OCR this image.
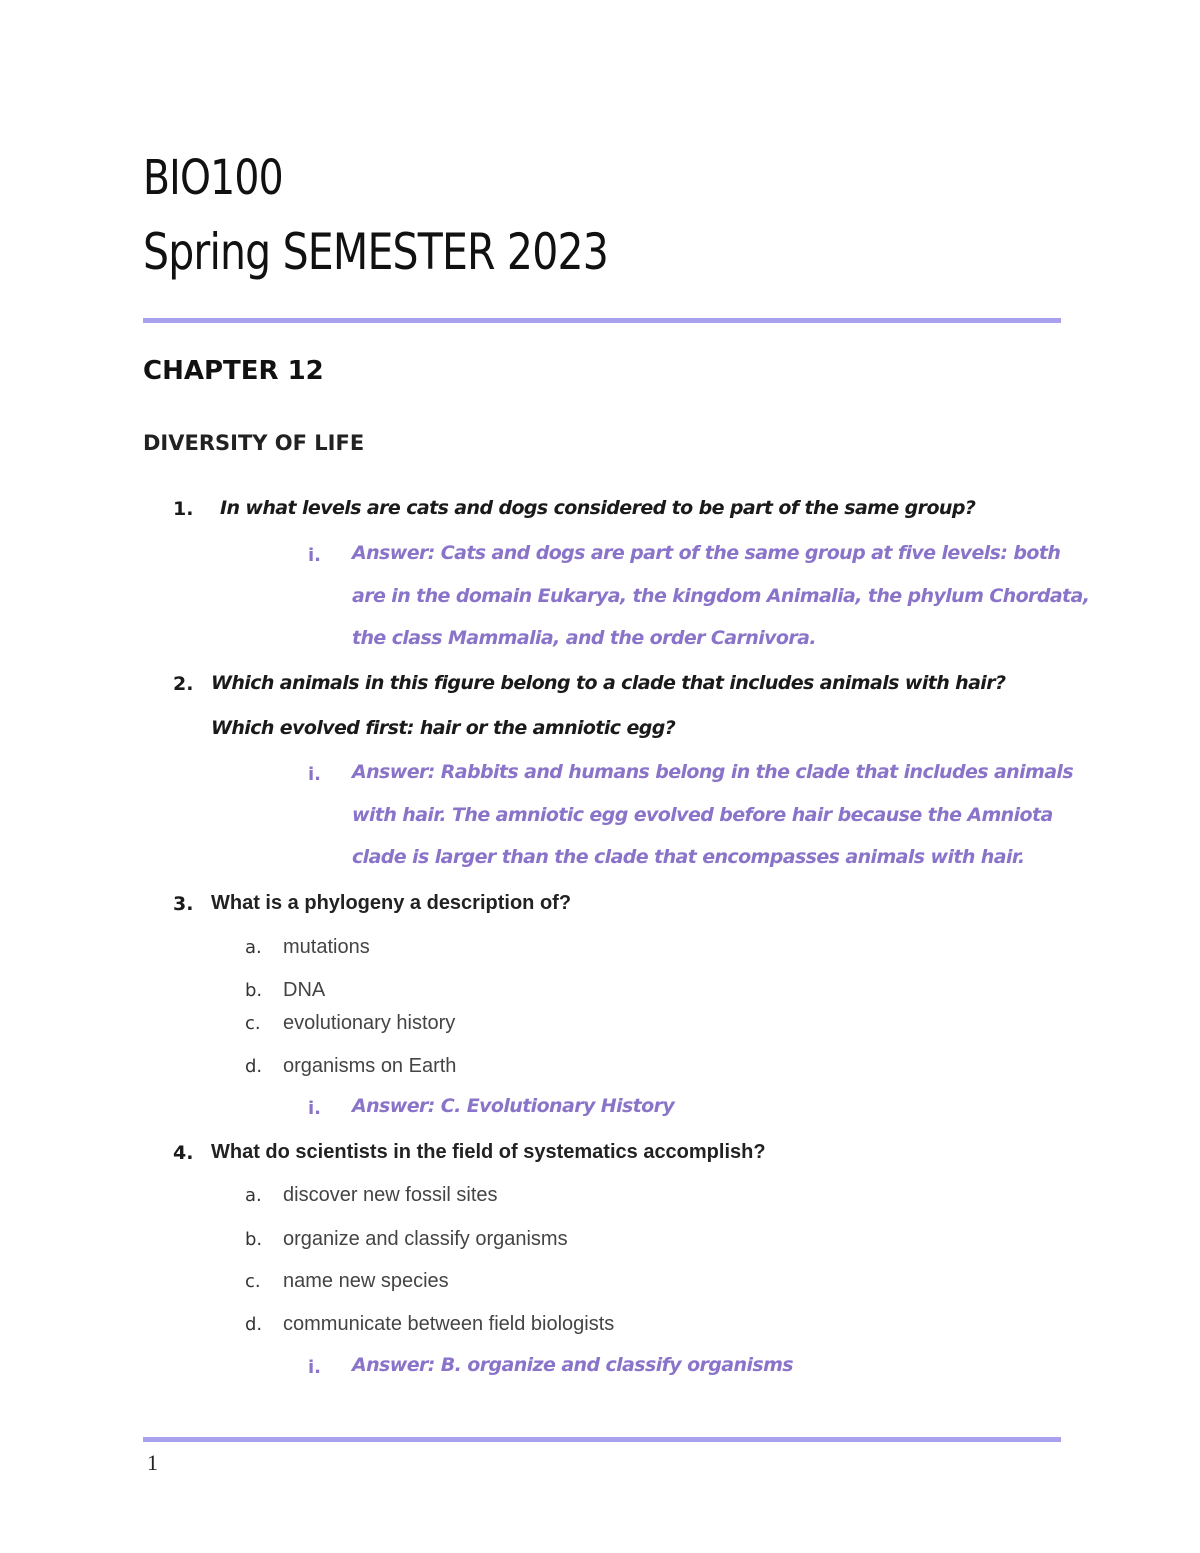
BIO100
Spring SEMESTER 2023
CHAPTER 12
DIVERSITY OF LIFE
1. In what levels are cats and dogs considered to be part of the same group?

i. Answer: Cats and dogs are part of the same group at five levels: both

are in the domain Eukarya, the kingdom Animalia, the phylum Chordata,

the class Mammalia, and the order Carnivora.

2. Which animals in this figure belong to a clade that includes animals with hair?

Which evolved first: hair or the amniotic egg?

i. Answer: Rabbits and humans belong in the clade that includes animals

with hair. The amniotic egg evolved before hair because the Amniota

clade is larger than the clade that encompasses animals with hair.

3. What is a phylogeny a description of?

a. mutations

b. DNA

c. evolutionary history

d. organisms on Earth

i. Answer: C. Evolutionary History

4. What do scientists in the field of systematics accomplish?

a. discover new fossil sites

b. organize and classify organisms

c. name new species

d. communicate between field biologists

i. Answer: B. organize and classify organisms

1
